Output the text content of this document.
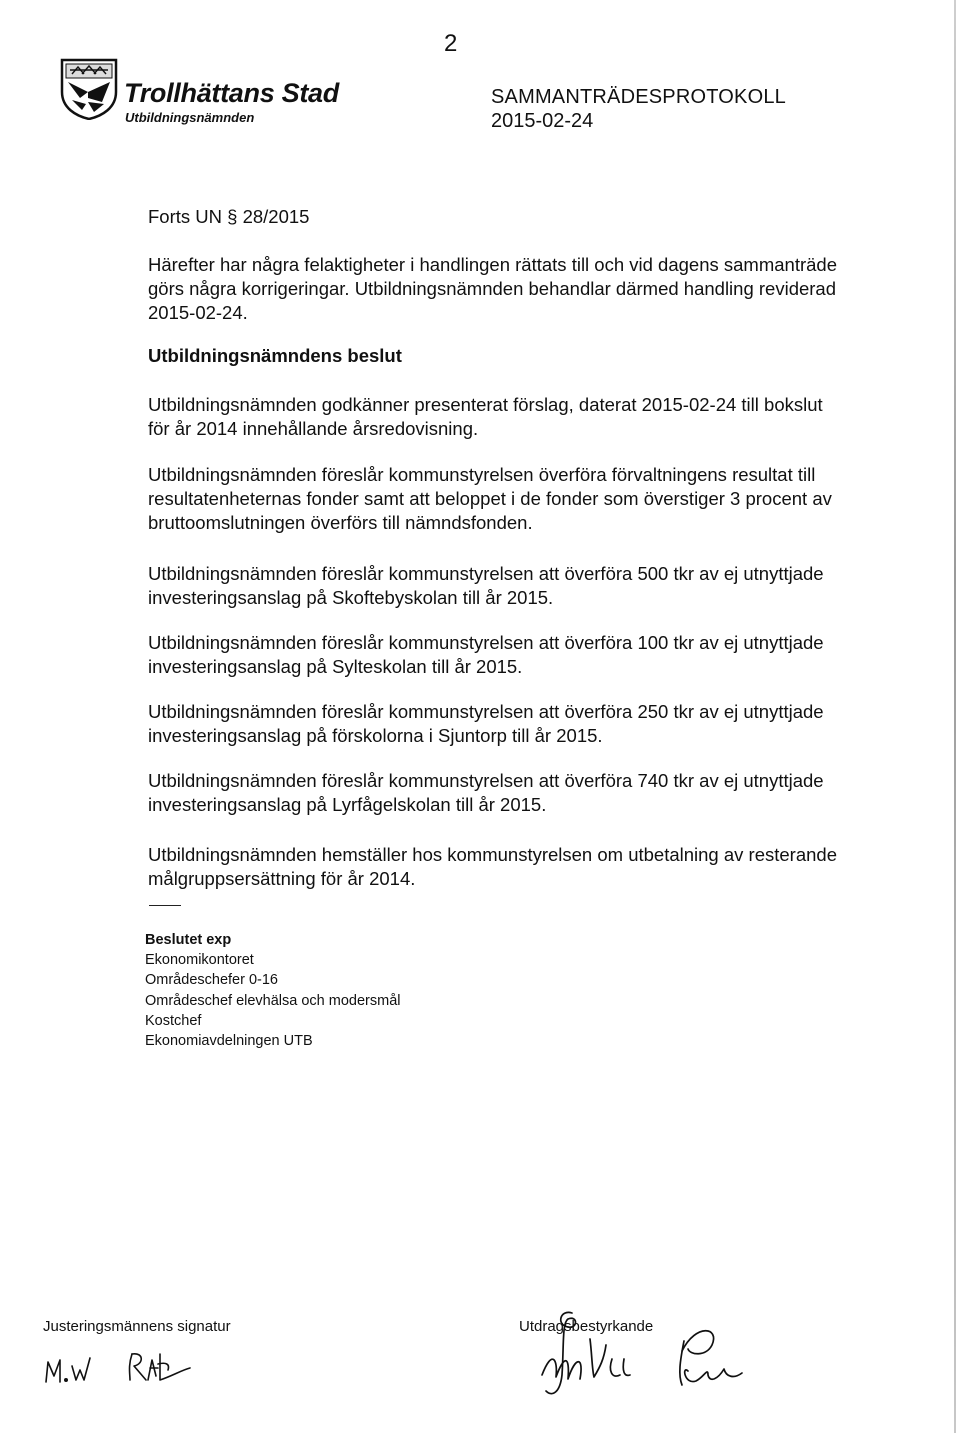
2
Trollhättans Stad
Utbildningsnämnden
SAMMANTRÄDESPROTOKOLL
2015-02-24
Forts UN § 28/2015
Härefter har några felaktigheter i handlingen rättats till och vid dagens sammanträde görs några korrigeringar. Utbildningsnämnden behandlar därmed handling reviderad 2015-02-24.
Utbildningsnämndens beslut
Utbildningsnämnden godkänner presenterat förslag, daterat 2015-02-24 till bokslut för år 2014 innehållande årsredovisning.
Utbildningsnämnden föreslår kommunstyrelsen överföra förvaltningens resultat till resultatenheternas fonder samt att beloppet i de fonder som överstiger 3 procent av bruttoomslutningen överförs till nämndsfonden.
Utbildningsnämnden föreslår kommunstyrelsen att överföra 500 tkr av ej utnyttjade investeringsanslag på Skoftebyskolan till år 2015.
Utbildningsnämnden föreslår kommunstyrelsen att överföra 100 tkr av ej utnyttjade investeringsanslag på Sylteskolan till år 2015.
Utbildningsnämnden föreslår kommunstyrelsen att överföra 250 tkr av ej utnyttjade investeringsanslag på förskolorna i Sjuntorp till år 2015.
Utbildningsnämnden föreslår kommunstyrelsen att överföra 740 tkr av ej utnyttjade investeringsanslag på Lyrfågelskolan till år 2015.
Utbildningsnämnden hemställer hos kommunstyrelsen om utbetalning av resterande målgruppsersättning för år 2014.
Beslutet exp
Ekonomikontoret
Områdeschefer 0-16
Områdeschef elevhälsa och modersmål
Kostchef
Ekonomiavdelningen UTB
Justeringsmännens signatur	Utdragsbestyrkande
